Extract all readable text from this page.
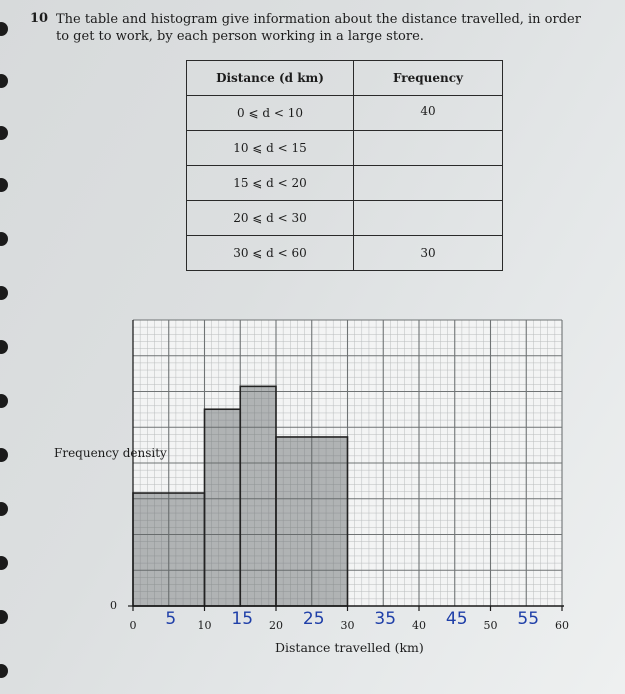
10 The table and histogram give information about the distance travelled, in order to get to work, by each person working in a large store.
Distance (d km)	Frequency
0 ⩽ d < 10	40
10 ⩽ d < 15	
15 ⩽ d < 20	
20 ⩽ d < 30	
30 ⩽ d < 60	30
Frequency density
0
0	10	20	30	40	50	60
5	15	25	35	45	55
Distance travelled (km)
